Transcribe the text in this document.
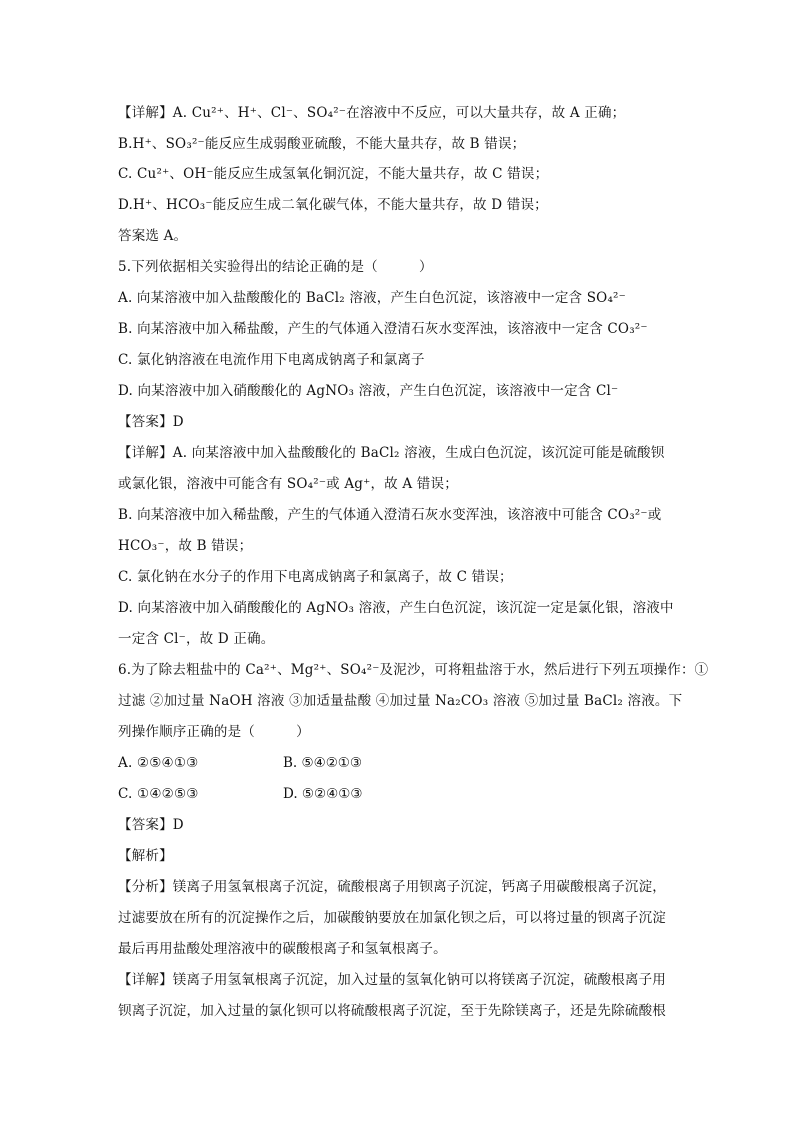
【详解】A. Cu²⁺、H⁺、Cl⁻、SO₄²⁻在溶液中不反应，可以大量共存，故 A 正确；
B.H⁺、SO₃²⁻能反应生成弱酸亚硫酸，不能大量共存，故 B 错误；
C. Cu²⁺、OH⁻能反应生成氢氧化铜沉淀，不能大量共存，故 C 错误；
D.H⁺、HCO₃⁻能反应生成二氧化碳气体，不能大量共存，故 D 错误；
答案选 A。
5.下列依据相关实验得出的结论正确的是（　　　）
A. 向某溶液中加入盐酸酸化的 BaCl₂ 溶液，产生白色沉淀，该溶液中一定含 SO₄²⁻
B. 向某溶液中加入稀盐酸，产生的气体通入澄清石灰水变浑浊，该溶液中一定含 CO₃²⁻
C. 氯化钠溶液在电流作用下电离成钠离子和氯离子
D. 向某溶液中加入硝酸酸化的 AgNO₃ 溶液，产生白色沉淀，该溶液中一定含 Cl⁻
【答案】D
【详解】A. 向某溶液中加入盐酸酸化的 BaCl₂ 溶液，生成白色沉淀，该沉淀可能是硫酸钡
或氯化银，溶液中可能含有 SO₄²⁻或 Ag⁺，故 A 错误；
B. 向某溶液中加入稀盐酸，产生的气体通入澄清石灰水变浑浊，该溶液中可能含 CO₃²⁻或
HCO₃⁻，故 B 错误；
C. 氯化钠在水分子的作用下电离成钠离子和氯离子，故 C 错误；
D. 向某溶液中加入硝酸酸化的 AgNO₃ 溶液，产生白色沉淀，该沉淀一定是氯化银，溶液中
一定含 Cl⁻，故 D 正确。
6.为了除去粗盐中的 Ca²⁺、Mg²⁺、SO₄²⁻及泥沙，可将粗盐溶于水，然后进行下列五项操作：①
过滤 ②加过量 NaOH 溶液 ③加适量盐酸 ④加过量 Na₂CO₃ 溶液 ⑤加过量 BaCl₂ 溶液。下
列操作顺序正确的是（　　　）
A. ②⑤④①③	B. ⑤④②①③
C. ①④②⑤③	D. ⑤②④①③
【答案】D
【解析】
【分析】镁离子用氢氧根离子沉淀，硫酸根离子用钡离子沉淀，钙离子用碳酸根离子沉淀，
过滤要放在所有的沉淀操作之后，加碳酸钠要放在加氯化钡之后，可以将过量的钡离子沉淀
最后再用盐酸处理溶液中的碳酸根离子和氢氧根离子。
【详解】镁离子用氢氧根离子沉淀，加入过量的氢氧化钠可以将镁离子沉淀，硫酸根离子用
钡离子沉淀，加入过量的氯化钡可以将硫酸根离子沉淀，至于先除镁离子，还是先除硫酸根
